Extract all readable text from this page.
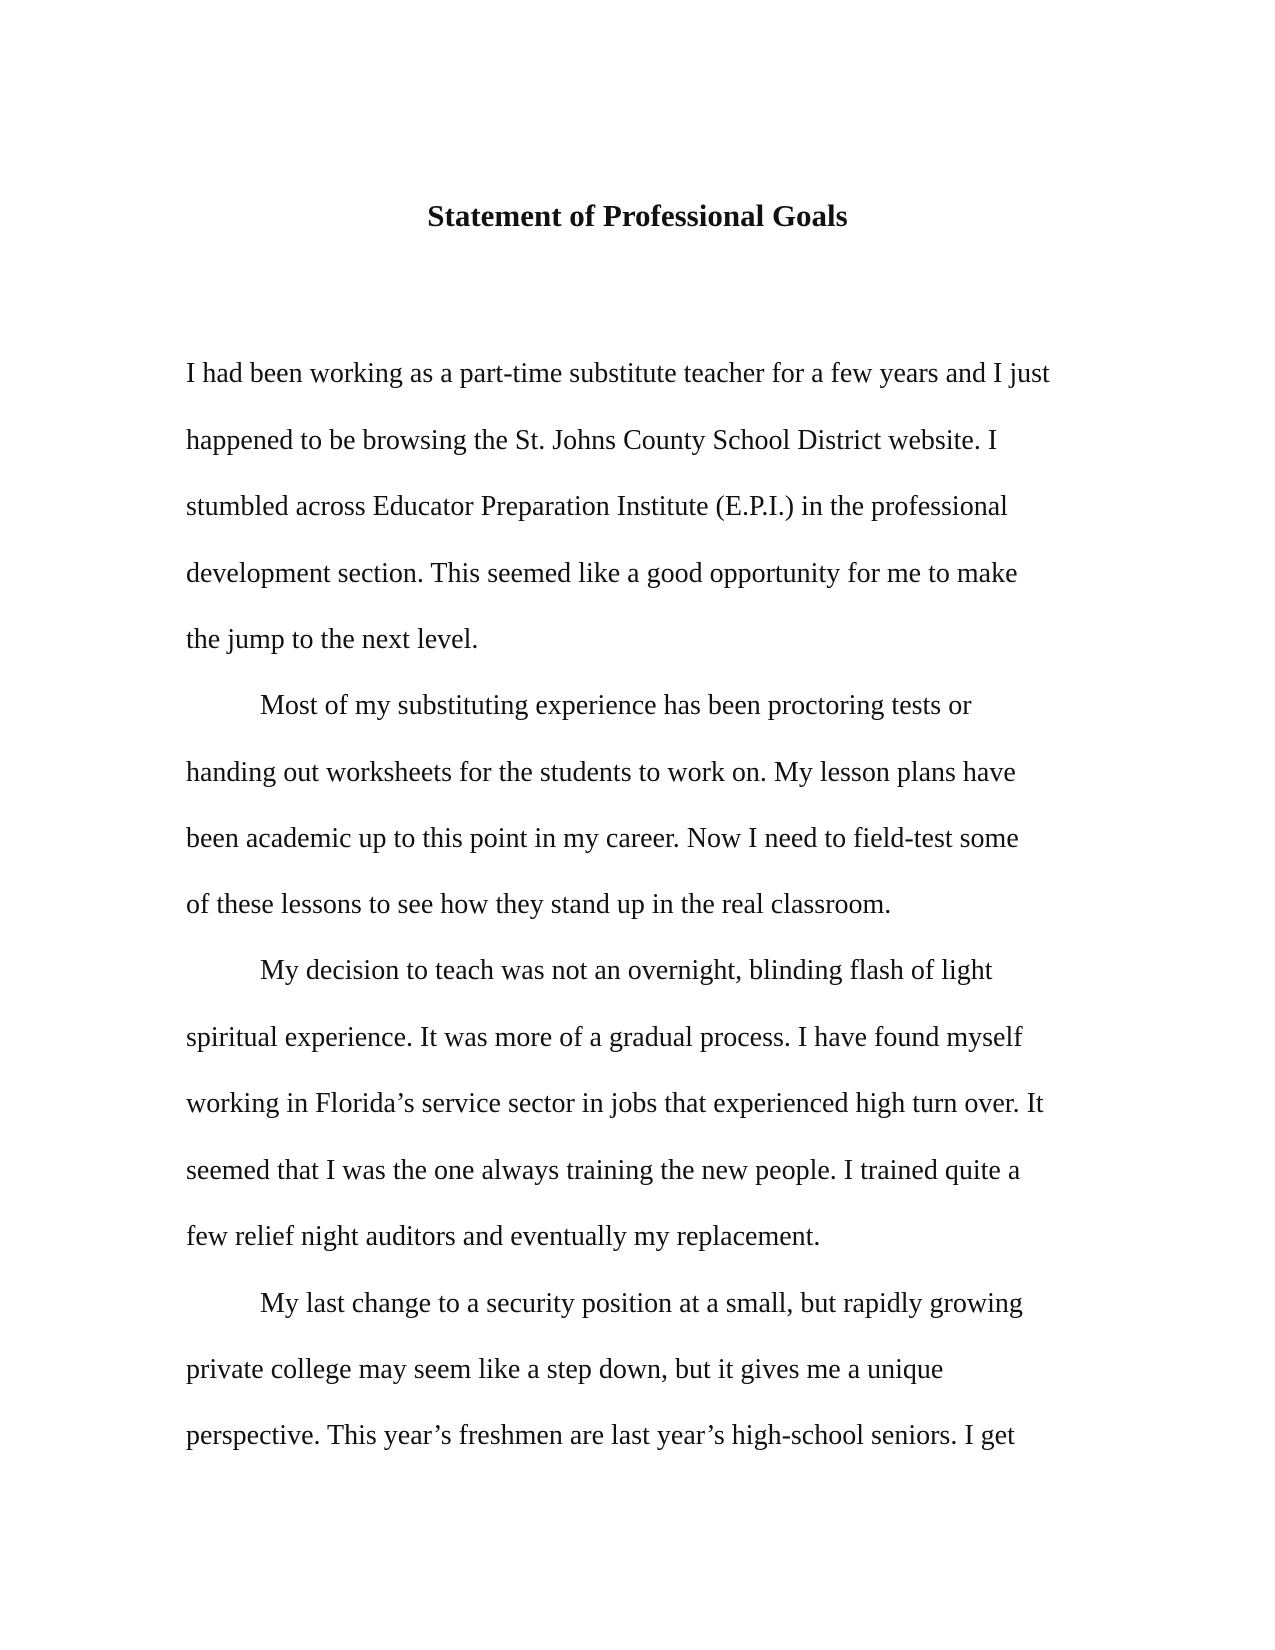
Statement of Professional Goals

I had been working as a part-time substitute teacher for a few years and I just

happened to be browsing the St. Johns County School District website. I

stumbled across Educator Preparation Institute (E.P.I.) in the professional

development section. This seemed like a good opportunity for me to make

the jump to the next level.

Most of my substituting experience has been proctoring tests or

handing out worksheets for the students to work on. My lesson plans have

been academic up to this point in my career. Now I need to field-test some

of these lessons to see how they stand up in the real classroom.

My decision to teach was not an overnight, blinding flash of light

spiritual experience. It was more of a gradual process. I have found myself

working in Florida’s service sector in jobs that experienced high turn over. It

seemed that I was the one always training the new people. I trained quite a

few relief night auditors and eventually my replacement.

My last change to a security position at a small, but rapidly growing

private college may seem like a step down, but it gives me a unique

perspective. This year’s freshmen are last year’s high-school seniors. I get
